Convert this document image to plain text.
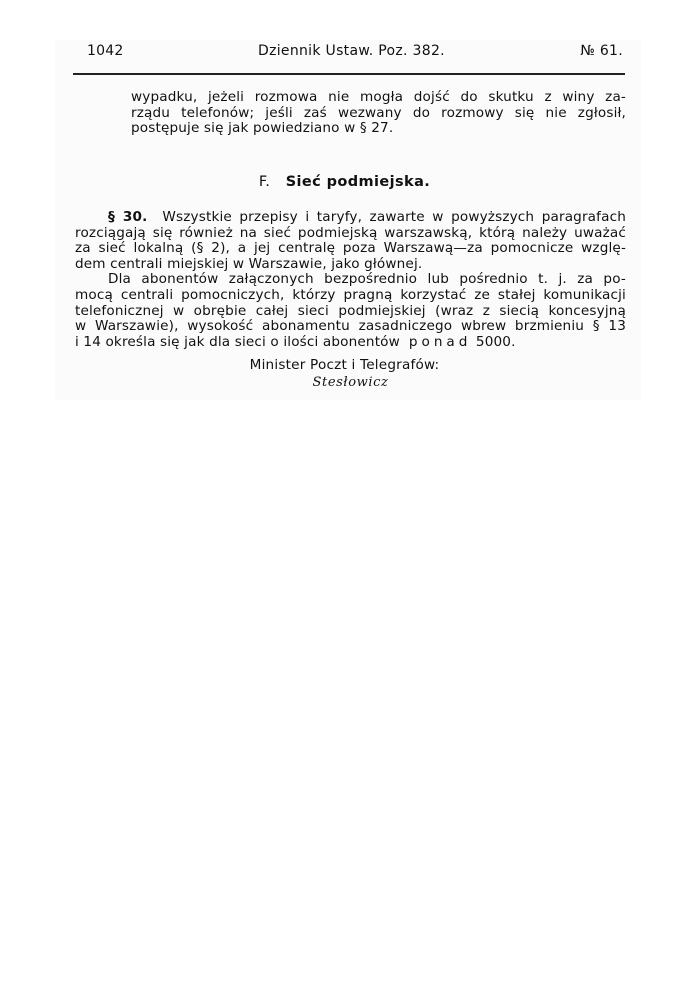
1042	Dziennik Ustaw. Poz. 382.	№ 61.
wypadku, jeżeli rozmowa nie mogła dojść do skutku z winy za-
rządu telefonów; jeśli zaś wezwany do rozmowy się nie zgłosił,
postępuje się jak powiedziano w § 27.
F. Sieć podmiejska.
§ 30. Wszystkie przepisy i taryfy, zawarte w powyższych paragrafach
rozciągają się również na sieć podmiejską warszawską, którą należy uważać
za sieć lokalną (§ 2), a jej centralę poza Warszawą—za pomocnicze wzglę-
dem centrali miejskiej w Warszawie, jako głównej.
Dla abonentów załączonych bezpośrednio lub pośrednio t. j. za po-
mocą centrali pomocniczych, którzy pragną korzystać ze stałej komunikacji
telefonicznej w obrębie całej sieci podmiejskiej (wraz z siecią koncesyjną
w Warszawie), wysokość abonamentu zasadniczego wbrew brzmieniu § 13
i 14 określa się jak dla sieci o ilości abonentów ponad 5000.
Minister Poczt i Telegrafów:
Stesłowicz
